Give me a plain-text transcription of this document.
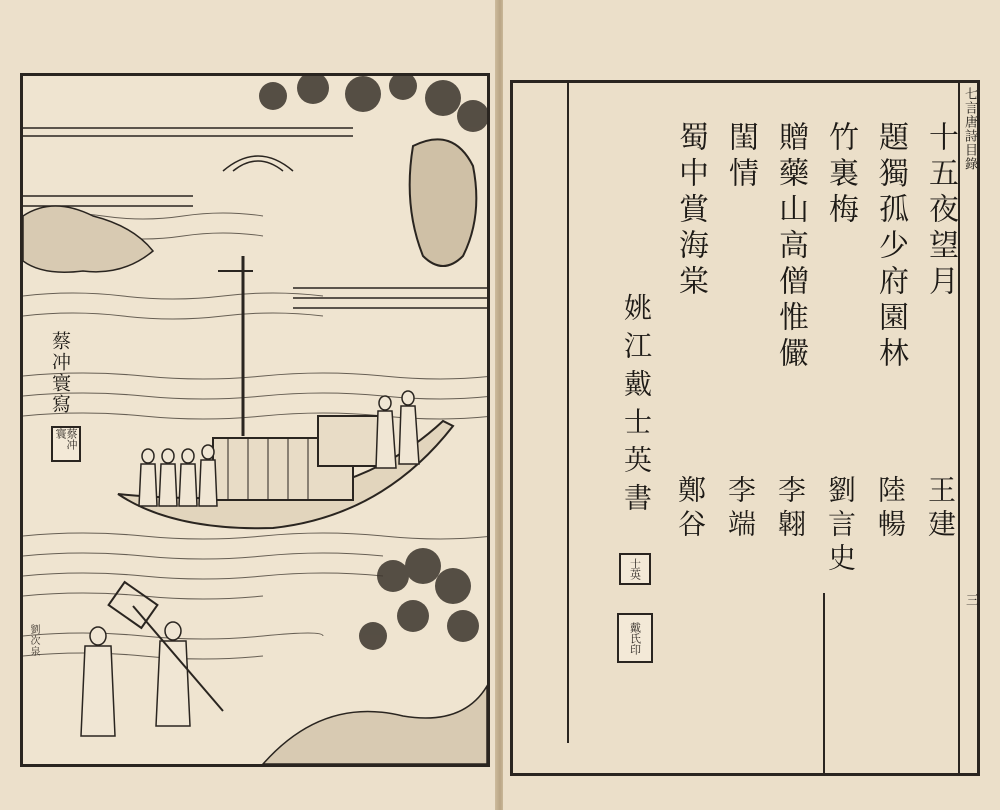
蔡冲寰寫
蔡冲寰
劉次泉
七言唐詩目錄
三
十五夜望月
王建
題獨孤少府園林
陸暢
竹裏梅
劉言史
贈藥山高僧惟儼
李翺
閨情
李端
蜀中賞海棠
鄭谷
姚江戴士英書
士英
戴氏印
